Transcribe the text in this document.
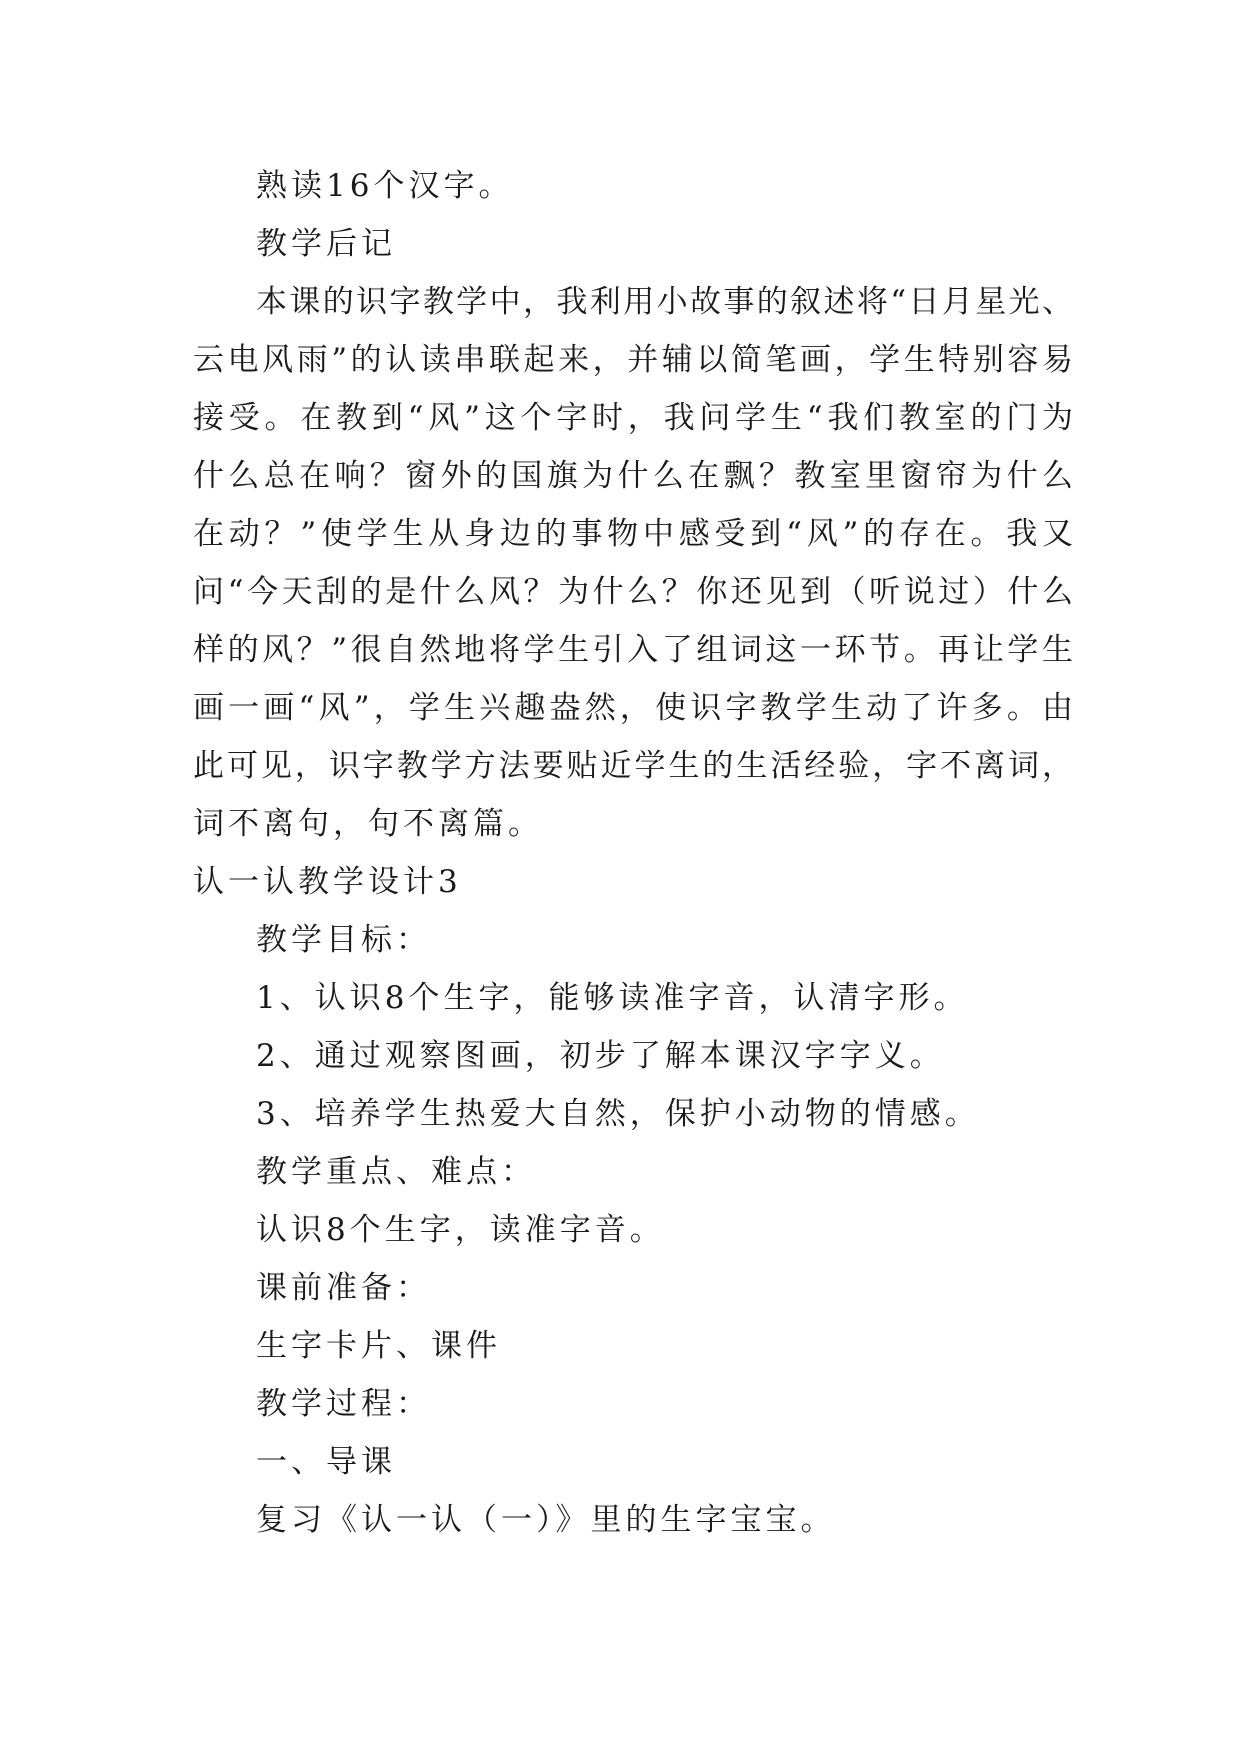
熟读16个汉字。
教学后记
本课的识字教学中，我利用小故事的叙述将“日月星光、
云电风雨”的认读串联起来，并辅以简笔画，学生特别容易
接受。在教到“风”这个字时，我问学生“我们教室的门为
什么总在响？窗外的国旗为什么在飘？教室里窗帘为什么
在动？”使学生从身边的事物中感受到“风”的存在。我又
问“今天刮的是什么风？为什么？你还见到（听说过）什么
样的风？”很自然地将学生引入了组词这一环节。再让学生
画一画“风”，学生兴趣盎然，使识字教学生动了许多。由
此可见，识字教学方法要贴近学生的生活经验，字不离词，
词不离句，句不离篇。
认一认教学设计3
教学目标：
1、认识8个生字，能够读准字音，认清字形。
2、通过观察图画，初步了解本课汉字字义。
3、培养学生热爱大自然，保护小动物的情感。
教学重点、难点：
认识8个生字，读准字音。
课前准备：
生字卡片、课件
教学过程：
一、导课
复习《认一认（一）》里的生字宝宝。
